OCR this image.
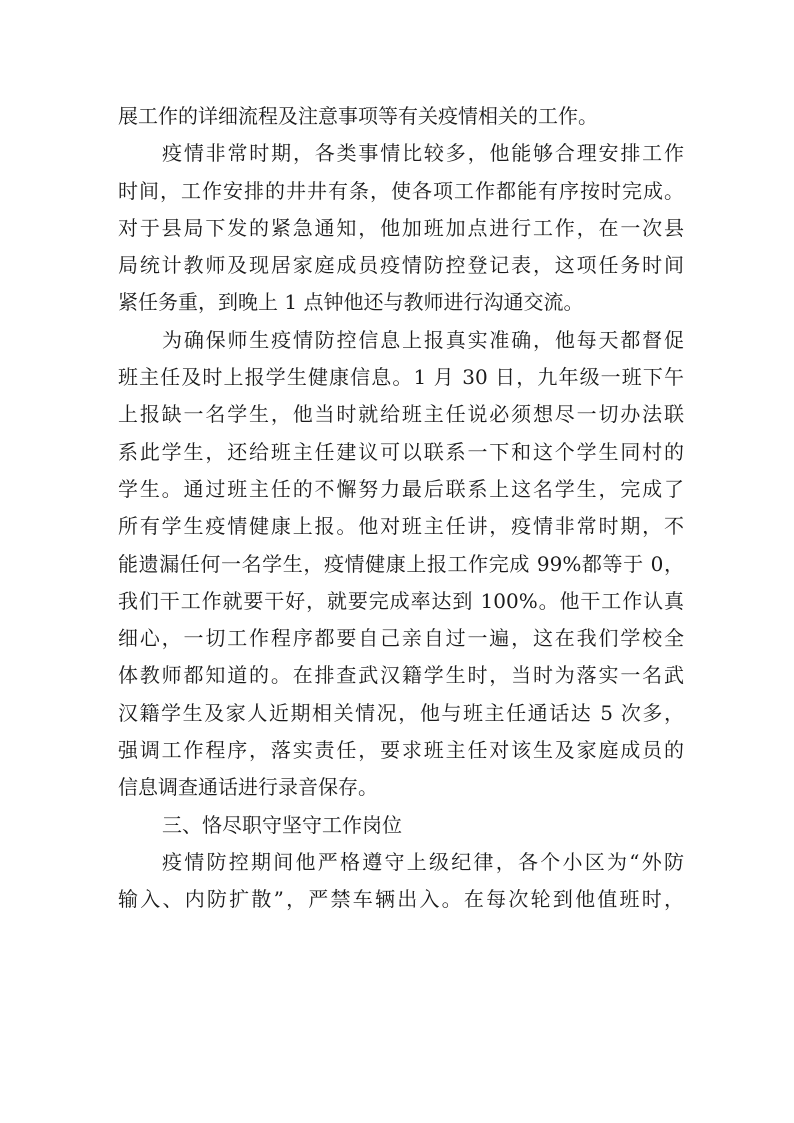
展工作的详细流程及注意事项等有关疫情相关的工作。
疫情非常时期，各类事情比较多，他能够合理安排工作
时间，工作安排的井井有条，使各项工作都能有序按时完成。
对于县局下发的紧急通知，他加班加点进行工作，在一次县
局统计教师及现居家庭成员疫情防控登记表，这项任务时间
紧任务重，到晚上 1 点钟他还与教师进行沟通交流。
为确保师生疫情防控信息上报真实准确，他每天都督促
班主任及时上报学生健康信息。1 月 30 日，九年级一班下午
上报缺一名学生，他当时就给班主任说必须想尽一切办法联
系此学生，还给班主任建议可以联系一下和这个学生同村的
学生。通过班主任的不懈努力最后联系上这名学生，完成了
所有学生疫情健康上报。他对班主任讲，疫情非常时期，不
能遗漏任何一名学生，疫情健康上报工作完成 99%都等于 0，
我们干工作就要干好，就要完成率达到 100%。他干工作认真
细心，一切工作程序都要自己亲自过一遍，这在我们学校全
体教师都知道的。在排查武汉籍学生时，当时为落实一名武
汉籍学生及家人近期相关情况，他与班主任通话达 5 次多，
强调工作程序，落实责任，要求班主任对该生及家庭成员的
信息调查通话进行录音保存。
三、恪尽职守坚守工作岗位
疫情防控期间他严格遵守上级纪律，各个小区为“外防
输入、内防扩散”，严禁车辆出入。在每次轮到他值班时，
